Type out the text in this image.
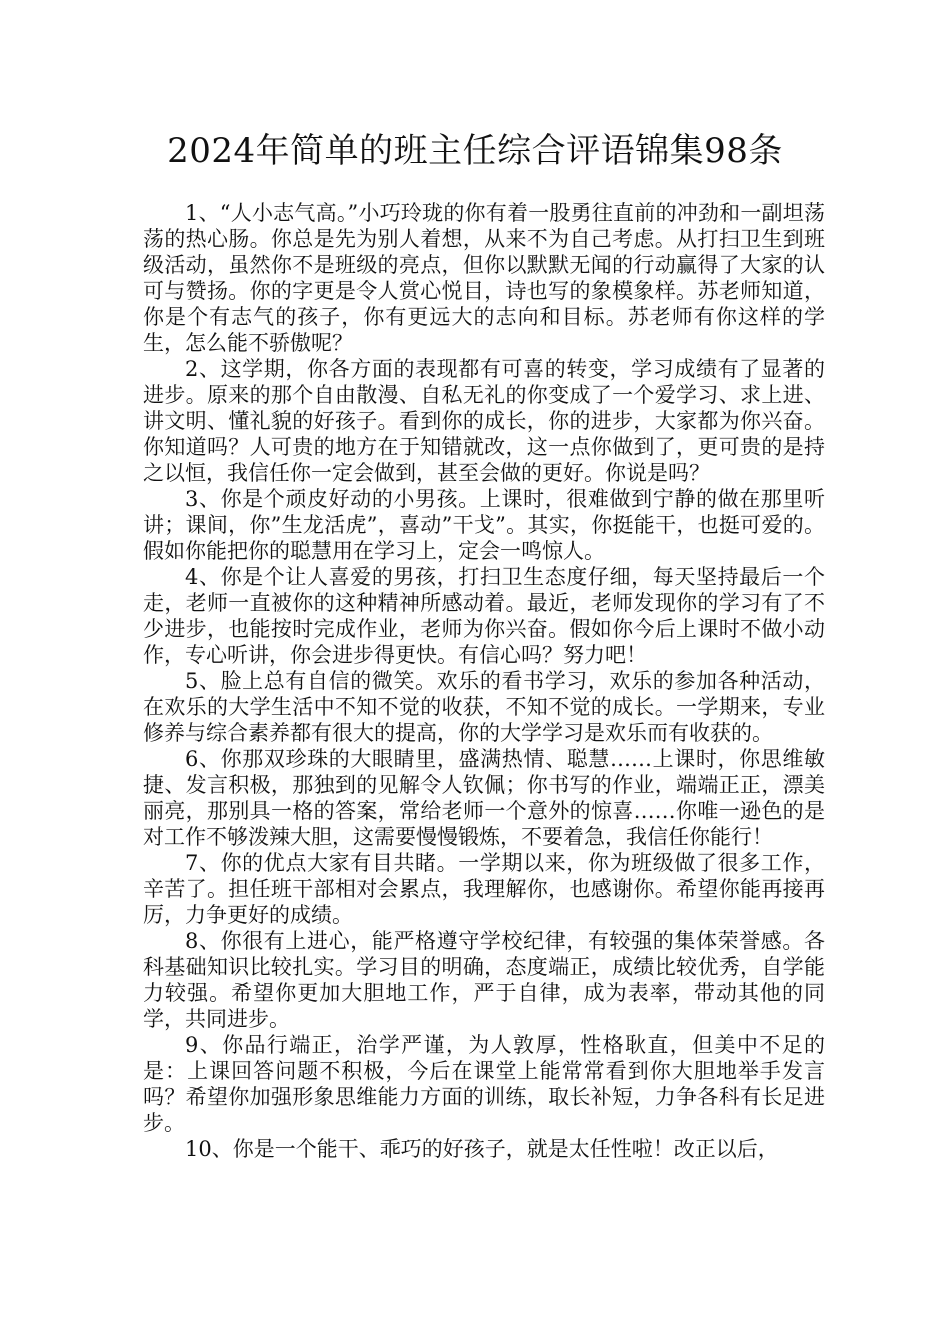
2024年简单的班主任综合评语锦集98条

1、“人小志气高。”小巧玲珑的你有着一股勇往直前的冲劲和一副坦荡荡的热心肠。你总是先为别人着想，从来不为自己考虑。从打扫卫生到班级活动，虽然你不是班级的亮点，但你以默默无闻的行动赢得了大家的认可与赞扬。你的字更是令人赏心悦目，诗也写的象模象样。苏老师知道，你是个有志气的孩子，你有更远大的志向和目标。苏老师有你这样的学生，怎么能不骄傲呢？

2、这学期，你各方面的表现都有可喜的转变，学习成绩有了显著的进步。原来的那个自由散漫、自私无礼的你变成了一个爱学习、求上进、讲文明、懂礼貌的好孩子。看到你的成长，你的进步，大家都为你兴奋。你知道吗？人可贵的地方在于知错就改，这一点你做到了，更可贵的是持之以恒，我信任你一定会做到，甚至会做的更好。你说是吗？

3、你是个顽皮好动的小男孩。上课时，很难做到宁静的做在那里听讲；课间，你”生龙活虎”，喜动”干戈”。其实，你挺能干，也挺可爱的。假如你能把你的聪慧用在学习上，定会一鸣惊人。

4、你是个让人喜爱的男孩，打扫卫生态度仔细，每天坚持最后一个走，老师一直被你的这种精神所感动着。最近，老师发现你的学习有了不少进步，也能按时完成作业，老师为你兴奋。假如你今后上课时不做小动作，专心听讲，你会进步得更快。有信心吗？努力吧！

5、脸上总有自信的微笑。欢乐的看书学习，欢乐的参加各种活动，在欢乐的大学生活中不知不觉的收获，不知不觉的成长。一学期来，专业修养与综合素养都有很大的提高，你的大学学习是欢乐而有收获的。

6、你那双珍珠的大眼睛里，盛满热情、聪慧……上课时，你思维敏捷、发言积极，那独到的见解令人钦佩；你书写的作业，端端正正，漂美丽亮，那别具一格的答案，常给老师一个意外的惊喜……你唯一逊色的是对工作不够泼辣大胆，这需要慢慢锻炼，不要着急，我信任你能行！

7、你的优点大家有目共睹。一学期以来，你为班级做了很多工作，辛苦了。担任班干部相对会累点，我理解你，也感谢你。希望你能再接再厉，力争更好的成绩。

8、你很有上进心，能严格遵守学校纪律，有较强的集体荣誉感。各科基础知识比较扎实。学习目的明确，态度端正，成绩比较优秀，自学能力较强。希望你更加大胆地工作，严于自律，成为表率，带动其他的同学，共同进步。

9、你品行端正，治学严谨，为人敦厚，性格耿直，但美中不足的是：上课回答问题不积极，今后在课堂上能常常看到你大胆地举手发言吗？希望你加强形象思维能力方面的训练，取长补短，力争各科有长足进步。

10、你是一个能干、乖巧的好孩子，就是太任性啦！改正以后，
